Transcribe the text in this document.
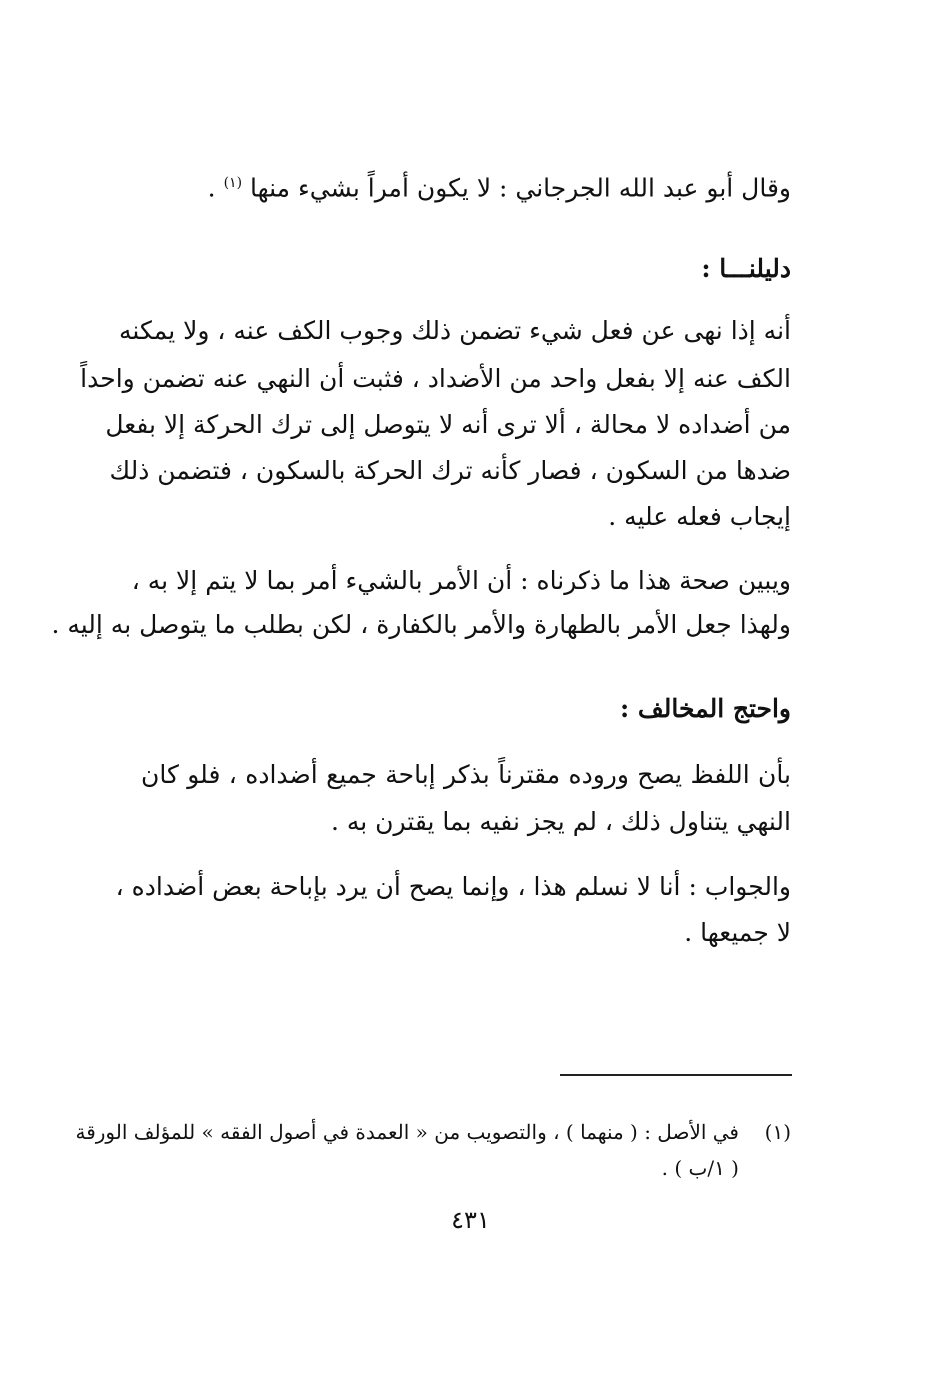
وقال أبو عبد الله الجرجاني : لا يكون أمراً بشيء منها $^{(١)}$ .
دليلنـــا :
أنه إذا نهى عن فعل شيء تضمن ذلك وجوب الكف عنه ، ولا يمكنه
الكف عنه إلا بفعل واحد من الأضداد ، فثبت أن النهي عنه تضمن واحداً
من أضداده لا محالة ، ألا ترى أنه لا يتوصل إلى ترك الحركة إلا بفعل
ضدها من السكون ، فصار كأنه ترك الحركة بالسكون ، فتضمن ذلك
إيجاب فعله عليه .
ويبين صحة هذا ما ذكرناه : أن الأمر بالشيء أمر بما لا يتم إلا به ،
ولهذا جعل الأمر بالطهارة والأمر بالكفارة ، لكن بطلب ما يتوصل به إليه .
واحتج المخالف :
بأن اللفظ يصح وروده مقترناً بذكر إباحة جميع أضداده ، فلو كان
النهي يتناول ذلك ، لم يجز نفيه بما يقترن به .
والجواب : أنا لا نسلم هذا ، وإنما يصح أن يرد بإباحة بعض أضداده ،
لا جميعها .
(١)
في الأصل : ( منهما ) ، والتصويب من « العمدة في أصول الفقه » للمؤلف الورقة
( ١/ب ) .
٤٣١
